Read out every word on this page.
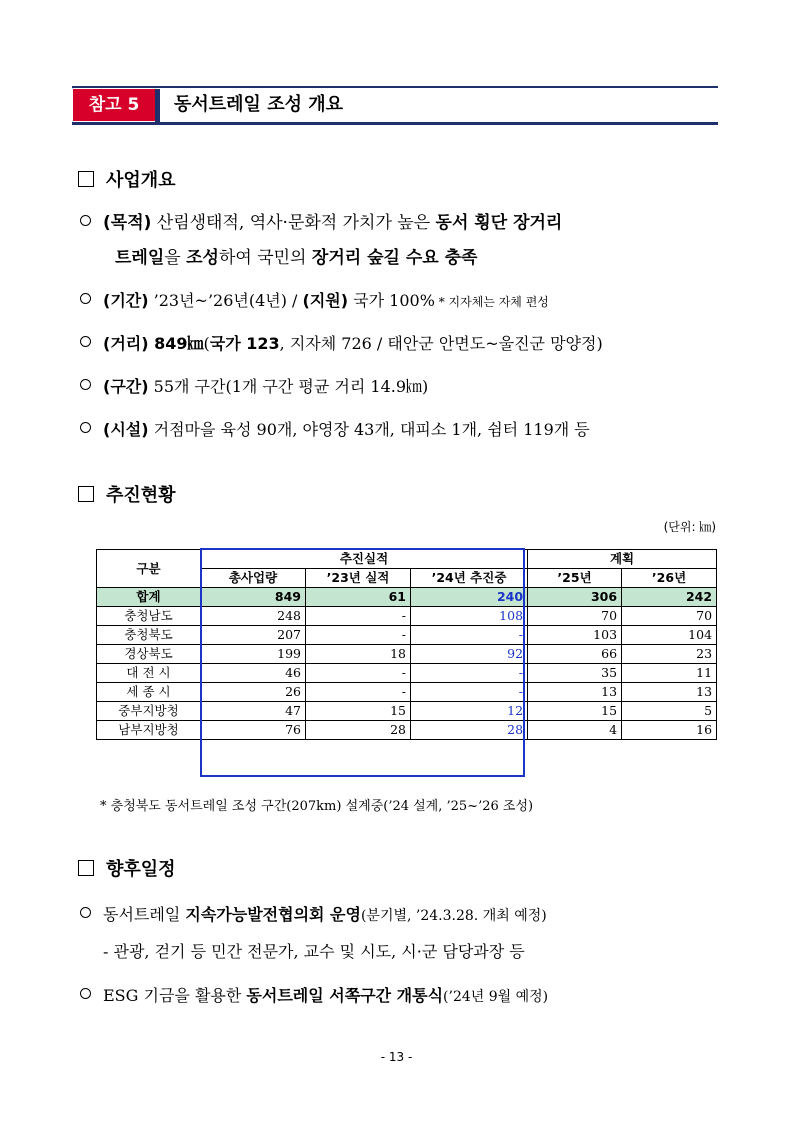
참고 5	동서트레일 조성 개요
사업개요
(목적) 산림생태적, 역사·문화적 가치가 높은 동서 횡단 장거리
트레일을 조성하여 국민의 장거리 숲길 수요 충족
(기간) ’23년~’26년(4년) / (지원) 국가 100% * 지자체는 자체 편성
(거리) 849㎞(국가 123, 지자체 726 / 태안군 안면도~울진군 망양정)
(구간) 55개 구간(1개 구간 평균 거리 14.9㎞)
(시설) 거점마을 육성 90개, 야영장 43개, 대피소 1개, 쉼터 119개 등
추진현황
(단위: ㎞)
구분	추진실적			계획	
	총사업량	’23년 실적	’24년 추진중	’25년	’26년
합계	849	61	240	306	242
충청남도	248	-	108	70	70
충청북도	207	-	-	103	104
경상북도	199	18	92	66	23
대 전 시	46	-	-	35	11
세 종 시	26	-	-	13	13
중부지방청	47	15	12	15	5
남부지방청	76	28	28	4	16
* 충청북도 동서트레일 조성 구간(207km) 설계중(’24 설계, ’25~’26 조성)
향후일정
동서트레일 지속가능발전협의회 운영(분기별, ’24.3.28. 개최 예정)
- 관광, 걷기 등 민간 전문가, 교수 및 시도, 시·군 담당과장 등
ESG 기금을 활용한 동서트레일 서쪽구간 개통식(’24년 9월 예정)
- 13 -
